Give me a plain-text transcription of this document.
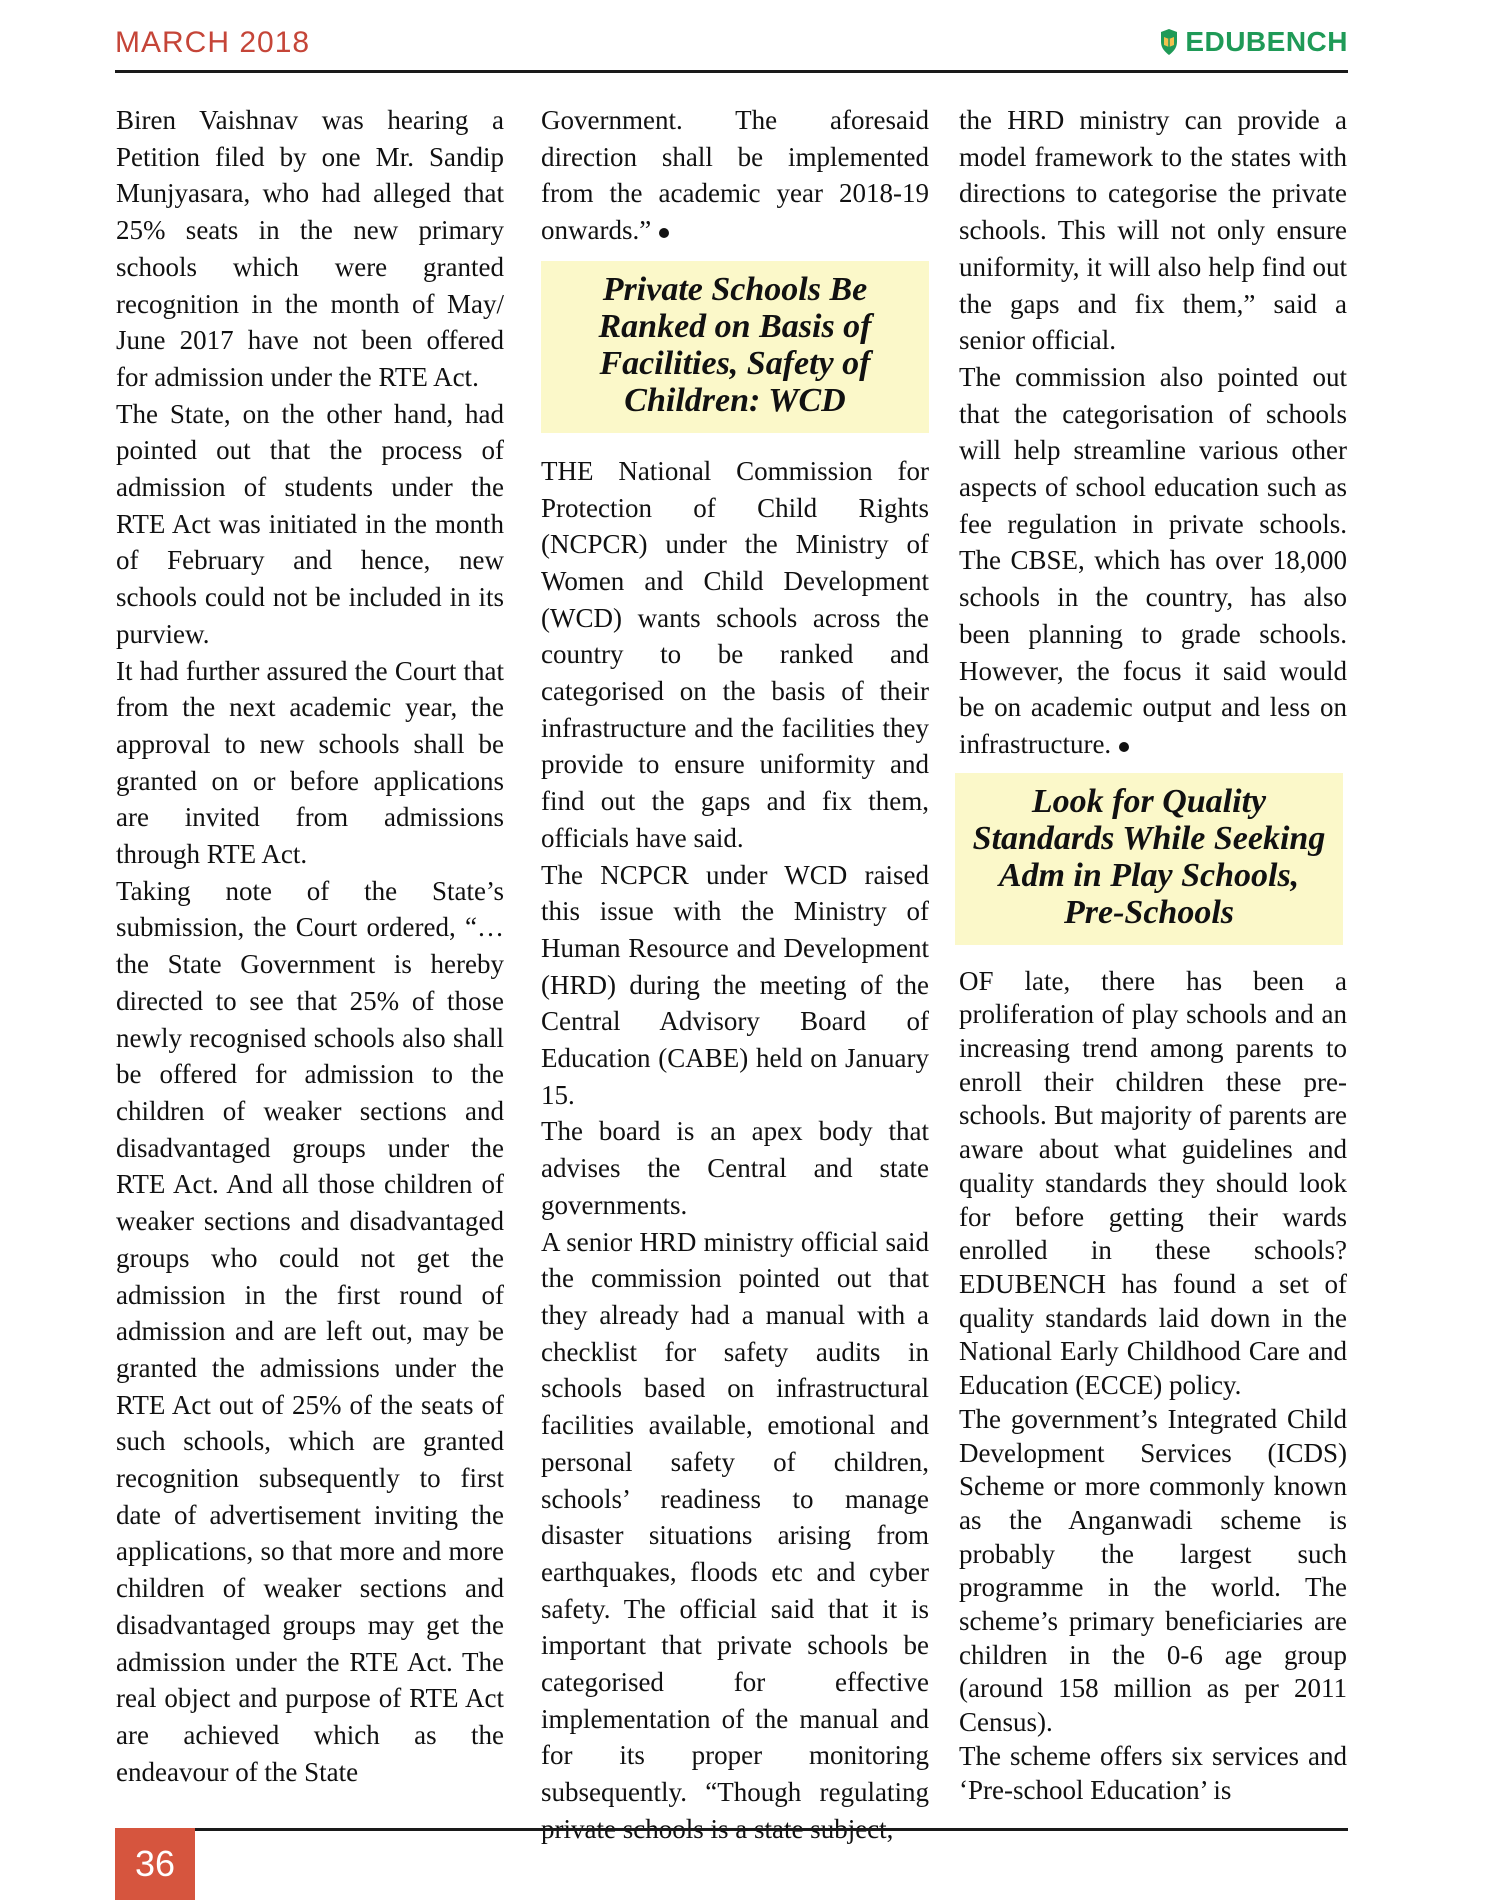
MARCH 2018	EDUBENCH

Biren Vaishnav was hearing a Petition filed by one Mr. Sandip Munjyasara, who had alleged that 25% seats in the new primary schools which were granted recognition in the month of May/ June 2017 have not been offered for admission under the RTE Act.

The State, on the other hand, had pointed out that the process of admission of students under the RTE Act was initiated in the month of February and hence, new schools could not be included in its purview.

It had further assured the Court that from the next academic year, the approval to new schools shall be granted on or before applications are invited from admissions through RTE Act.

Taking note of the State’s submission, the Court ordered, “…the State Government is hereby directed to see that 25% of those newly recognised schools also shall be offered for admission to the children of weaker sections and disadvantaged groups under the RTE Act. And all those children of weaker sections and disadvantaged groups who could not get the admission in the first round of admission and are left out, may be granted the admissions under the RTE Act out of 25% of the seats of such schools, which are granted recognition subsequently to first date of advertisement inviting the applications, so that more and more children of weaker sections and disadvantaged groups may get the admission under the RTE Act. The real object and purpose of RTE Act are achieved which as the endeavour of the State

Government. The aforesaid direction shall be implemented from the academic year 2018-19 onwards.”

Private Schools Be Ranked on Basis of Facilities, Safety of Children: WCD

THE National Commission for Protection of Child Rights (NCPCR) under the Ministry of Women and Child Development (WCD) wants schools across the country to be ranked and categorised on the basis of their infrastructure and the facilities they provide to ensure uniformity and find out the gaps and fix them, officials have said.

The NCPCR under WCD raised this issue with the Ministry of Human Resource and Development (HRD) during the meeting of the Central Advisory Board of Education (CABE) held on January 15.

The board is an apex body that advises the Central and state governments.

A senior HRD ministry official said the commission pointed out that they already had a manual with a checklist for safety audits in schools based on infrastructural facilities available, emotional and personal safety of children, schools’ readiness to manage disaster situations arising from earthquakes, floods etc and cyber safety. The official said that it is important that private schools be categorised for effective implementation of the manual and for its proper monitoring subsequently. “Though regulating private schools is a state subject,

the HRD ministry can provide a model framework to the states with directions to categorise the private schools. This will not only ensure uniformity, it will also help find out the gaps and fix them,” said a senior official.

The commission also pointed out that the categorisation of schools will help streamline various other aspects of school education such as fee regulation in private schools. The CBSE, which has over 18,000 schools in the country, has also been planning to grade schools. However, the focus it said would be on academic output and less on infrastructure.

Look for Quality Standards While Seeking Adm in Play Schools, Pre-Schools

OF late, there has been a proliferation of play schools and an increasing trend among parents to enroll their children these pre-schools. But majority of parents are aware about what guidelines and quality standards they should look for before getting their wards enrolled in these schools? EDUBENCH has found a set of quality standards laid down in the National Early Childhood Care and Education (ECCE) policy.

The government’s Integrated Child Development Services (ICDS) Scheme or more commonly known as the Anganwadi scheme is probably the largest such programme in the world. The scheme’s primary beneficiaries are children in the 0-6 age group (around 158 million as per 2011 Census).

The scheme offers six services and ‘Pre-school Education’ is

36
